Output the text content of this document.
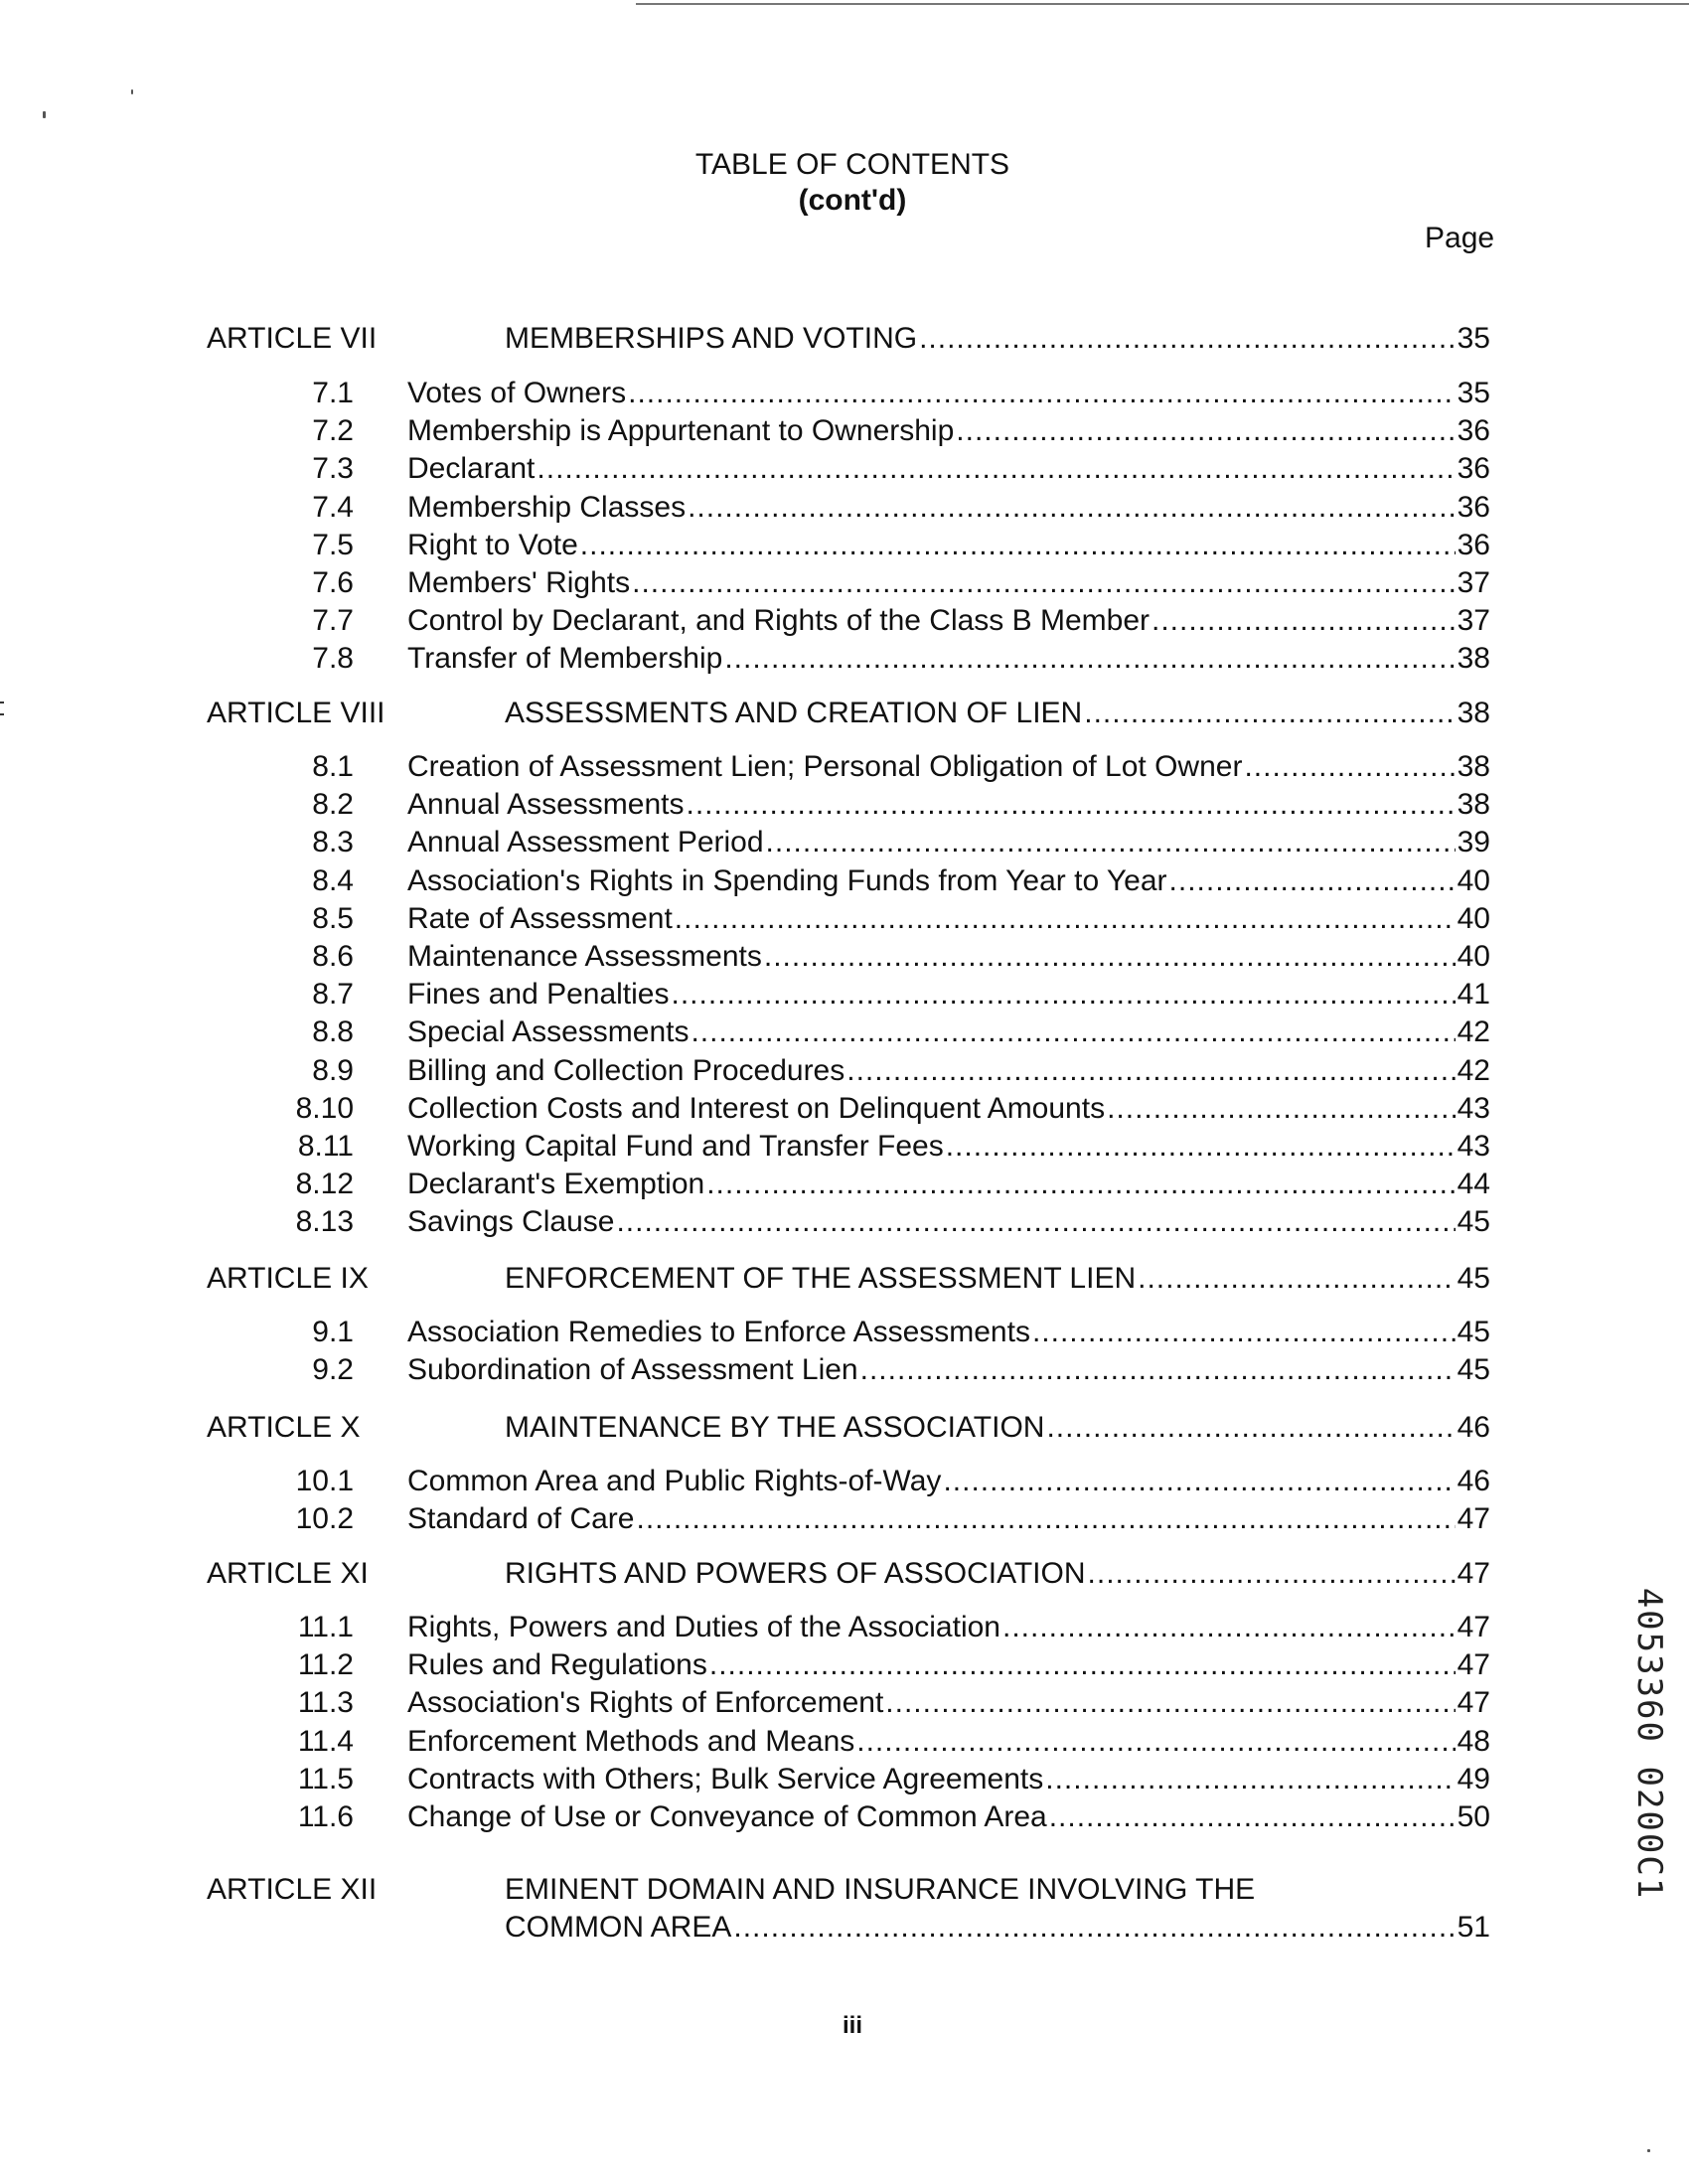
TABLE OF CONTENTS
(cont'd)
Page
ARTICLE VII	MEMBERSHIPS AND VOTING .....	35
7.1 Votes of Owners .....	35
7.2 Membership is Appurtenant to Ownership .....	36
7.3 Declarant .....	36
7.4 Membership Classes .....	36
7.5 Right to Vote .....	36
7.6 Members' Rights .....	37
7.7 Control by Declarant, and Rights of the Class B Member .....	37
7.8 Transfer of Membership .....	38
ARTICLE VIII	ASSESSMENTS AND CREATION OF LIEN .....	38
8.1 Creation of Assessment Lien; Personal Obligation of Lot Owner .....	38
8.2 Annual Assessments .....	38
8.3 Annual Assessment Period .....	39
8.4 Association's Rights in Spending Funds from Year to Year .....	40
8.5 Rate of Assessment .....	40
8.6 Maintenance Assessments .....	40
8.7 Fines and Penalties .....	41
8.8 Special Assessments .....	42
8.9 Billing and Collection Procedures .....	42
8.10 Collection Costs and Interest on Delinquent Amounts .....	43
8.11 Working Capital Fund and Transfer Fees .....	43
8.12 Declarant's Exemption .....	44
8.13 Savings Clause .....	45
ARTICLE IX	ENFORCEMENT OF THE ASSESSMENT LIEN .....	45
9.1 Association Remedies to Enforce Assessments .....	45
9.2 Subordination of Assessment Lien .....	45
ARTICLE X	MAINTENANCE BY THE ASSOCIATION .....	46
10.1 Common Area and Public Rights-of-Way .....	46
10.2 Standard of Care .....	47
ARTICLE XI	RIGHTS AND POWERS OF ASSOCIATION .....	47
11.1 Rights, Powers and Duties of the Association .....	47
11.2 Rules and Regulations .....	47
11.3 Association's Rights of Enforcement .....	47
11.4 Enforcement Methods and Means .....	48
11.5 Contracts with Others; Bulk Service Agreements .....	49
11.6 Change of Use or Conveyance of Common Area .....	50
ARTICLE XII	EMINENT DOMAIN AND INSURANCE INVOLVING THE
COMMON AREA .....	51
iii
4053360 0200C1
